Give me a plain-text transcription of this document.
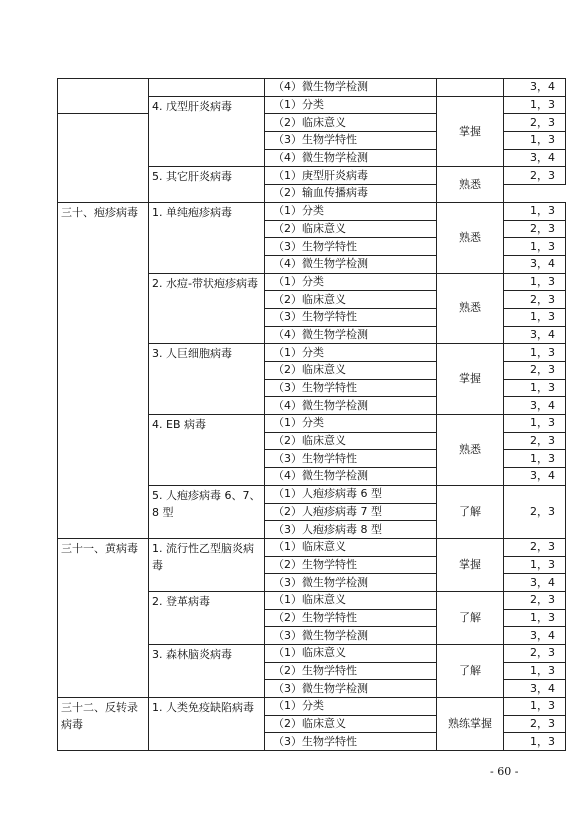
		（4）微生物学检测		3，4
	4. 戊型肝炎病毒	（1）分类	掌握	1，3
		（2）临床意义		2，3
		（3）生物学特性		1，3
		（4）微生物学检测		3，4
	5. 其它肝炎病毒	（1）庚型肝炎病毒	熟悉	2，3
		（2）输血传播病毒		
三十、疱疹病毒	1. 单纯疱疹病毒	（1）分类	熟悉	1，3
		（2）临床意义		2，3
		（3）生物学特性		1，3
		（4）微生物学检测		3，4
	2. 水痘-带状疱疹病毒	（1）分类	熟悉	1，3
		（2）临床意义		2，3
		（3）生物学特性		1，3
		（4）微生物学检测		3，4
	3. 人巨细胞病毒	（1）分类	掌握	1，3
		（2）临床意义		2，3
		（3）生物学特性		1，3
		（4）微生物学检测		3，4
	4. EB 病毒	（1）分类	熟悉	1，3
		（2）临床意义		2，3
		（3）生物学特性		1，3
		（4）微生物学检测		3，4
	5. 人疱疹病毒 6、7、8 型	（1）人疱疹病毒 6 型	了解	2，3
		（2）人疱疹病毒 7 型		
		（3）人疱疹病毒 8 型		
三十一、黄病毒	1. 流行性乙型脑炎病毒	（1）临床意义	掌握	2，3
		（2）生物学特性		1，3
		（3）微生物学检测		3，4
	2. 登革病毒	（1）临床意义	了解	2，3
		（2）生物学特性		1，3
		（3）微生物学检测		3，4
	3. 森林脑炎病毒	（1）临床意义	了解	2，3
		（2）生物学特性		1，3
		（3）微生物学检测		3，4
三十二、反转录病毒	1. 人类免疫缺陷病毒	（1）分类	熟练掌握	1，3
		（2）临床意义		2，3
		（3）生物学特性		1，3
- 60 -
